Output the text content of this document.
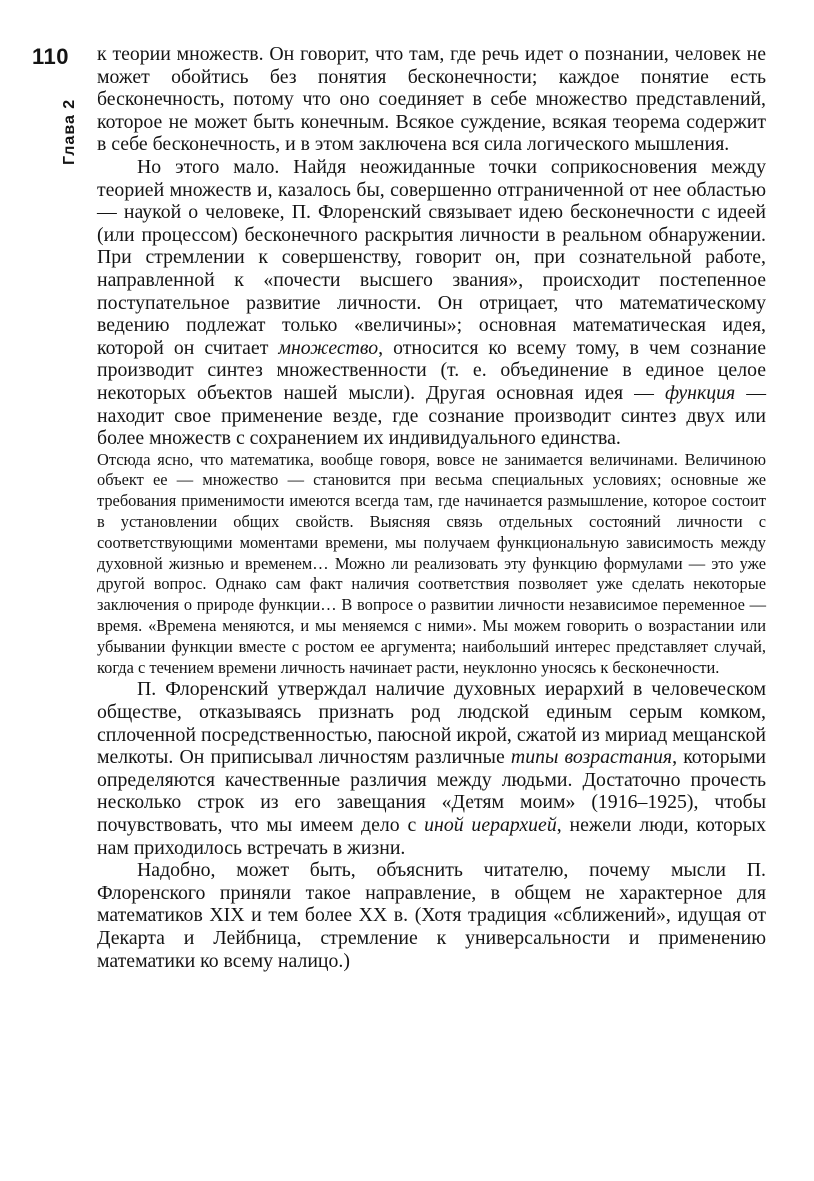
110
Глава 2

к теории множеств. Он говорит, что там, где речь идет о познании, человек не может обойтись без понятия бесконечности; каждое понятие есть бесконечность, потому что оно соединяет в себе множество представлений, которое не может быть конечным. Всякое суждение, всякая теорема содержит в себе бесконечность, и в этом заключена вся сила логического мышления.

Но этого мало. Найдя неожиданные точки соприкосновения между теорией множеств и, казалось бы, совершенно отграниченной от нее областью — наукой о человеке, П. Флоренский связывает идею бесконечности с идеей (или процессом) бесконечного раскрытия личности в реальном обнаружении. При стремлении к совершенству, говорит он, при сознательной работе, направленной к «почести высшего звания», происходит постепенное поступательное развитие личности. Он отрицает, что математическому ведению подлежат только «величины»; основная математическая идея, которой он считает множество, относится ко всему тому, в чем сознание производит синтез множественности (т. е. объединение в единое целое некоторых объектов нашей мысли). Другая основная идея — функция — находит свое применение везде, где сознание производит синтез двух или более множеств с сохранением их индивидуального единства.

Отсюда ясно, что математика, вообще говоря, вовсе не занимается величинами. Величиною объект ее — множество — становится при весьма специальных условиях; основные же требования применимости имеются всегда там, где начинается размышление, которое состоит в установлении общих свойств. Выясняя связь отдельных состояний личности с соответствующими моментами времени, мы получаем функциональную зависимость между духовной жизнью и временем… Можно ли реализовать эту функцию формулами — это уже другой вопрос. Однако сам факт наличия соответствия позволяет уже сделать некоторые заключения о природе функции… В вопросе о развитии личности независимое переменное — время. «Времена меняются, и мы меняемся с ними». Мы можем говорить о возрастании или убывании функции вместе с ростом ее аргумента; наибольший интерес представляет случай, когда с течением времени личность начинает расти, неуклонно уносясь к бесконечности.

П. Флоренский утверждал наличие духовных иерархий в человеческом обществе, отказываясь признать род людской единым серым комком, сплоченной посредственностью, паюсной икрой, сжатой из мириад мещанской мелкоты. Он приписывал личностям различные типы возрастания, которыми определяются качественные различия между людьми. Достаточно прочесть несколько строк из его завещания «Детям моим» (1916–1925), чтобы почувствовать, что мы имеем дело с иной иерархией, нежели люди, которых нам приходилось встречать в жизни.

Надобно, может быть, объяснить читателю, почему мысли П. Флоренского приняли такое направление, в общем не характерное для математиков XIX и тем более XX в. (Хотя традиция «сближений», идущая от Декарта и Лейбница, стремление к универсальности и применению математики ко всему налицо.)
